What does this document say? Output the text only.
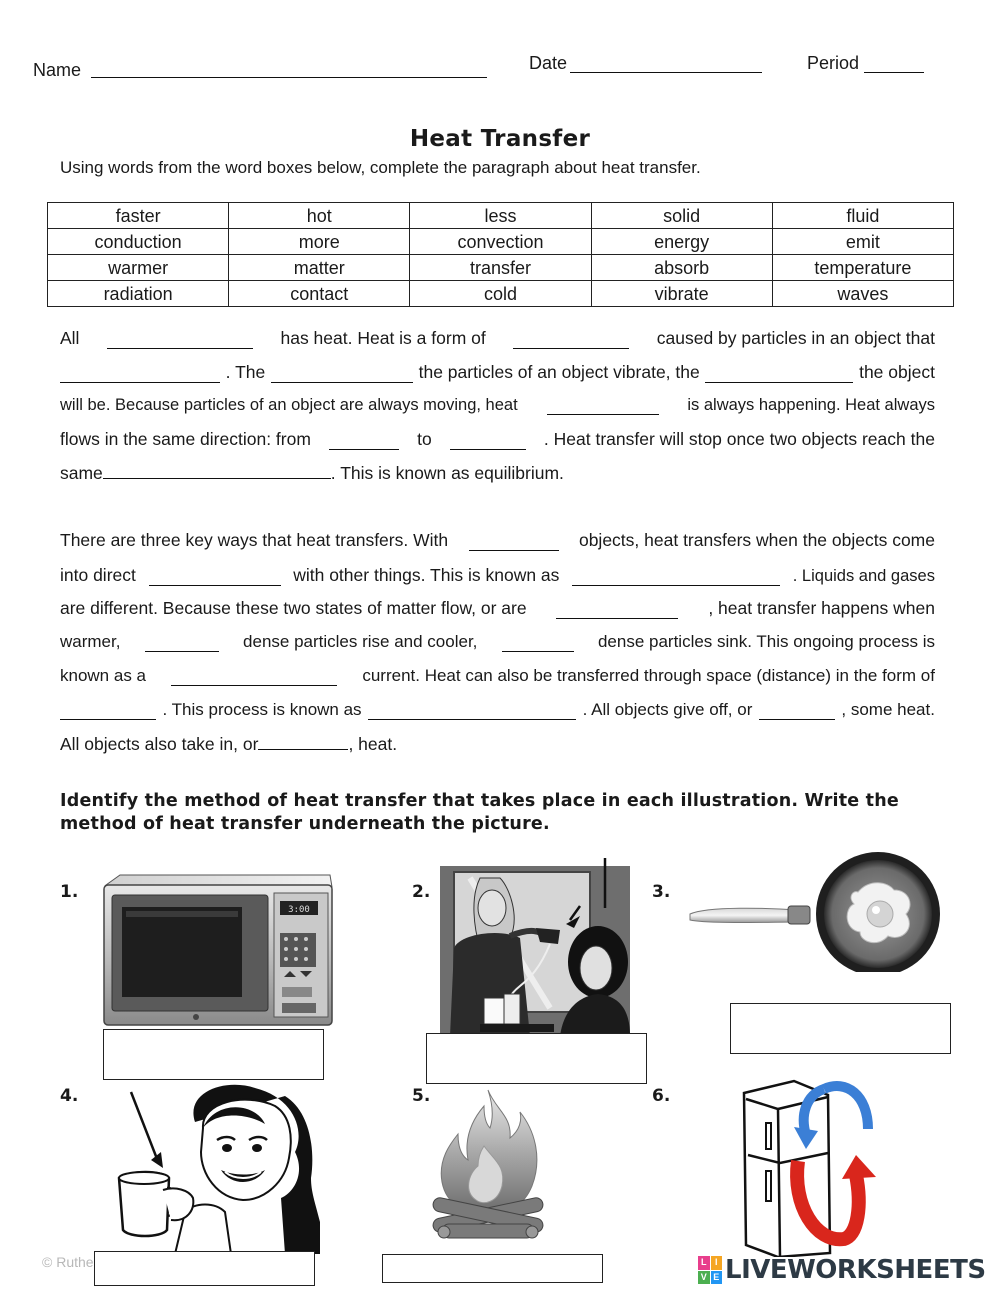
Name	Date	Period
Heat Transfer
Using words from the word boxes below, complete the paragraph about heat transfer.
faster	hot	less	solid	fluid
conduction	more	convection	energy	emit
warmer	matter	transfer	absorb	temperature
radiation	contact	cold	vibrate	waves
All	has heat. Heat is a form of	caused by particles in an object that
. The	the particles of an object vibrate, the	the object
will be. Because particles of an object are always moving, heat	is always happening. Heat always
flows in the same direction: from	to	. Heat transfer will stop once two objects reach the
same	. This is known as equilibrium.
There are three key ways that heat transfers. With	objects, heat transfers when the objects come
into direct	with other things. This is known as	. Liquids and gases
are different. Because these two states of matter flow, or are	, heat transfer happens when
warmer,	dense particles rise and cooler,	dense particles sink. This ongoing process is
known as a	current. Heat can also be transferred through space (distance) in the form of
. This process is known as	. All objects give off, or	, some heat.
All objects also take in, or	, heat.
Identify the method of heat transfer that takes place in each illustration. Write the method of heat transfer underneath the picture.
1.	2.	3.
4.	5.	6.
3:00
© Ruthe	L I
V E LIVEWORKSHEETS
